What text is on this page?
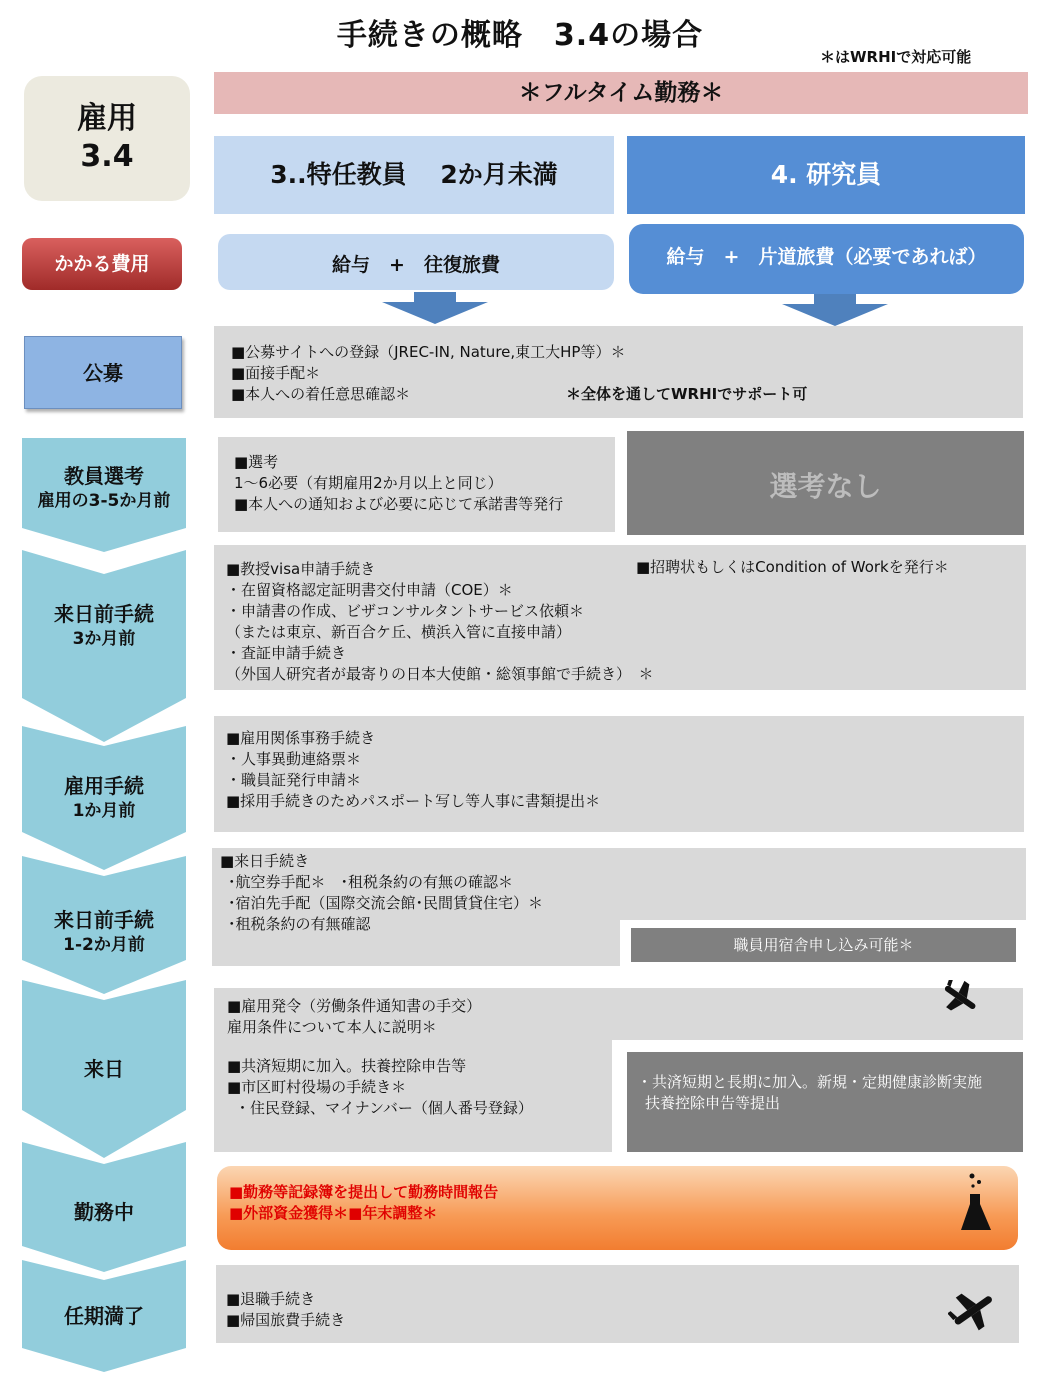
手続きの概略　3.4の場合
＊はWRHIで対応可能
雇用
3.4
＊フルタイム勤務＊
3..特任教員　 2か月未満	4. 研究員
かかる費用	給与　+　往復旅費	給与　+　片道旅費（必要であれば）
公募
■公募サイトへの登録（JREC-IN, Nature,東工大HP等）＊
■面接手配＊
■本人への着任意思確認＊	＊全体を通してWRHIでサポート可
教員選考
雇用の3-5か月前
■選考
1～6必要（有期雇用2か月以上と同じ）
■本人への通知および必要に応じて承諾書等発行
選考なし
来日前手続
3か月前
■教授visa申請手続き
・在留資格認定証明書交付申請（COE）＊
・申請書の作成、ビザコンサルタントサービス依頼＊
（または東京、新百合ケ丘、横浜入管に直接申請）
・査証申請手続き
（外国人研究者が最寄りの日本大使館・総領事館で手続き）　＊
■招聘状もしくはCondition of Workを発行＊
雇用手続
1か月前
■雇用関係事務手続き
・人事異動連絡票＊
・職員証発行申請＊
■採用手続きのためパスポート写し等人事に書類提出＊
来日前手続
1-2か月前
■来日手続き
･航空券手配＊　･租税条約の有無の確認＊
･宿泊先手配（国際交流会館･民間賃貸住宅）＊
･租税条約の有無確認
職員用宿舎申し込み可能＊
来日
■雇用発令（労働条件通知書の手交）
雇用条件について本人に説明＊
■共済短期に加入。扶養控除申告等
■市区町村役場の手続き＊
・住民登録、マイナンバー（個人番号登録）
・共済短期と長期に加入。新規・定期健康診断実施
扶養控除申告等提出
勤務中
■勤務等記録簿を提出して勤務時間報告
■外部資金獲得＊■年末調整＊
任期満了
■退職手続き
■帰国旅費手続き
